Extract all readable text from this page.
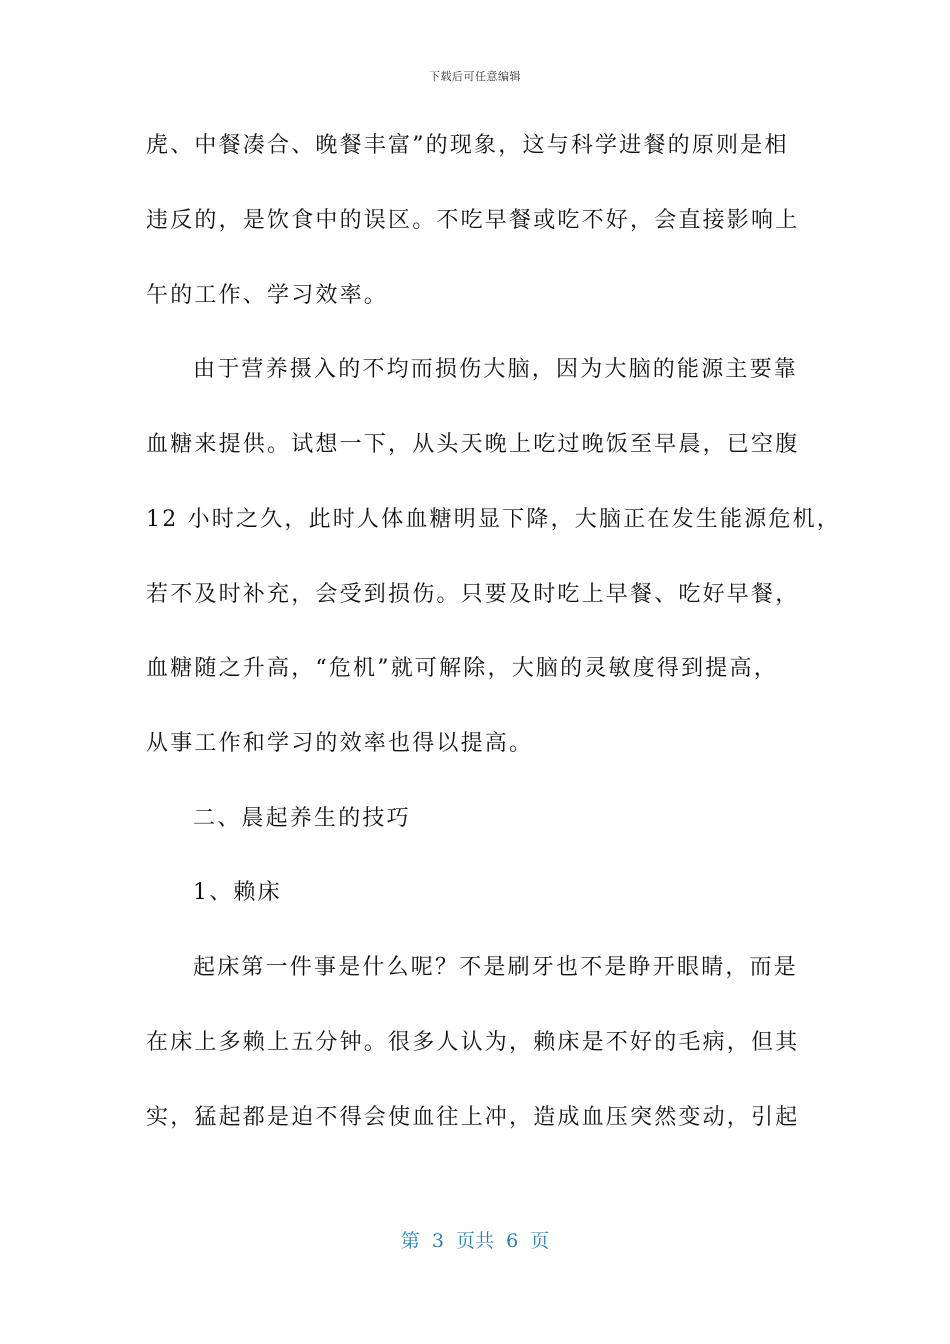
下载后可任意编辑
虎、中餐凑合、晚餐丰富”的现象，这与科学进餐的原则是相
违反的，是饮食中的误区。不吃早餐或吃不好，会直接影响上
午的工作、学习效率。
由于营养摄入的不均而损伤大脑，因为大脑的能源主要靠
血糖来提供。试想一下，从头天晚上吃过晚饭至早晨，已空腹
12 小时之久，此时人体血糖明显下降，大脑正在发生能源危机，
若不及时补充，会受到损伤。只要及时吃上早餐、吃好早餐，
血糖随之升高，“危机”就可解除，大脑的灵敏度得到提高，
从事工作和学习的效率也得以提高。
二、晨起养生的技巧
1、赖床
起床第一件事是什么呢？不是刷牙也不是睁开眼睛，而是
在床上多赖上五分钟。很多人认为，赖床是不好的毛病，但其
实，猛起都是迫不得会使血往上冲，造成血压突然变动，引起
第  3  页共  6  页
